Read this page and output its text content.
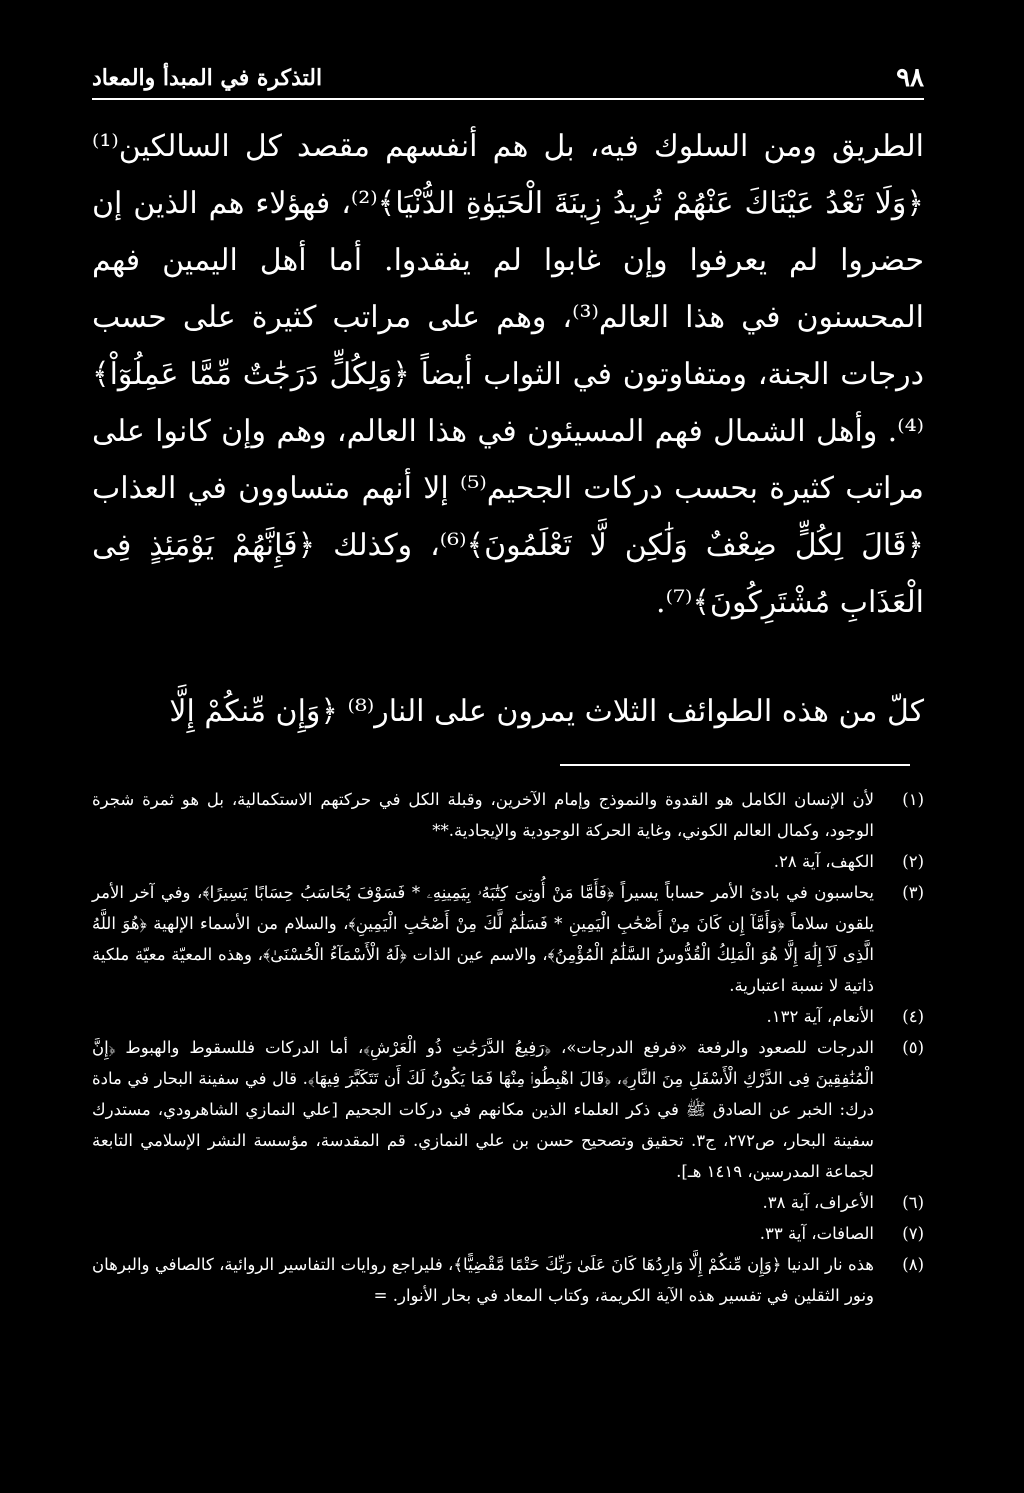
٩٨
التذكرة في المبدأ والمعاد

الطريق ومن السلوك فيه، بل هم أنفسهم مقصد كل السالكين⁽¹⁾ ﴿وَلَا تَعْدُ عَيْنَاكَ عَنْهُمْ تُرِيدُ زِينَةَ الْحَيَوٰةِ الدُّنْيَا﴾⁽²⁾، فهؤلاء هم الذين إن حضروا لم يعرفوا وإن غابوا لم يفقدوا. أما أهل اليمين فهم المحسنون في هذا العالم⁽³⁾، وهم على مراتب كثيرة على حسب درجات الجنة، ومتفاوتون في الثواب أيضاً ﴿وَلِكُلٍّ دَرَجَٰتٌ مِّمَّا عَمِلُوٓاْ﴾⁽⁴⁾. وأهل الشمال فهم المسيئون في هذا العالم، وهم وإن كانوا على مراتب كثيرة بحسب دركات الجحيم⁽⁵⁾ إلا أنهم متساوون في العذاب ﴿قَالَ لِكُلٍّ ضِعْفٌ وَلَٰكِن لَّا تَعْلَمُونَ﴾⁽⁶⁾، وكذلك ﴿فَإِنَّهُمْ يَوْمَئِذٍ فِى الْعَذَابِ مُشْتَرِكُونَ﴾⁽⁷⁾.

كلّ من هذه الطوائف الثلاث يمرون على النار⁽⁸⁾ ﴿وَإِن مِّنكُمْ إِلَّا

(١)

لأن الإنسان الكامل هو القدوة والنموذج وإمام الآخرين، وقبلة الكل في حركتهم الاستكمالية، بل هو ثمرة شجرة الوجود، وكمال العالم الكوني، وغاية الحركة الوجودية والإيجادية.**

(٢)

الكهف، آية ٢٨.

(٣)

يحاسبون في بادئ الأمر حساباً يسيراً ﴿فَأَمَّا مَنْ أُوتِىَ كِتَٰبَهُۥ بِيَمِينِهِۦ * فَسَوْفَ يُحَاسَبُ حِسَابًا يَسِيرًا﴾، وفي آخر الأمر يلقون سلاماً ﴿وَأَمَّآ إِن كَانَ مِنْ أَصْحَٰبِ الْيَمِينِ * فَسَلَٰمٌ لَّكَ مِنْ أَصْحَٰبِ الْيَمِينِ﴾، والسلام من الأسماء الإلهية ﴿هُوَ اللَّهُ الَّذِى لَآ إِلَٰهَ إِلَّا هُوَ الْمَلِكُ الْقُدُّوسُ السَّلَٰمُ الْمُؤْمِنُ﴾، والاسم عين الذات ﴿لَهُ الْأَسْمَآءُ الْحُسْنَىٰ﴾، وهذه المعيّة معيّة ملكية ذاتية لا نسبة اعتبارية.

(٤)

الأنعام، آية ١٣٢.

(٥)

الدرجات للصعود والرفعة «فرفع الدرجات»، ﴿رَفِيعُ الدَّرَجَٰتِ ذُو الْعَرْشِ﴾، أما الدركات فللسقوط والهبوط ﴿إِنَّ الْمُنَٰفِقِينَ فِى الدَّرْكِ الْأَسْفَلِ مِنَ النَّارِ﴾، ﴿قَالَ اهْبِطُوا۟ مِنْهَا فَمَا يَكُونُ لَكَ أَن تَتَكَبَّرَ فِيهَا﴾. قال في سفينة البحار في مادة درك: الخبر عن الصادق ﷺ في ذكر العلماء الذين مكانهم في دركات الجحيم [علي النمازي الشاهرودي، مستدرك سفينة البحار، ص٢٧٢، ج٣. تحقيق وتصحيح حسن بن علي النمازي. قم المقدسة، مؤسسة النشر الإسلامي التابعة لجماعة المدرسين، ١٤١٩ هـ].

(٦)

الأعراف، آية ٣٨.

(٧)

الصافات، آية ٣٣.

(٨)

هذه نار الدنيا ﴿وَإِن مِّنكُمْ إِلَّا وَارِدُهَا كَانَ عَلَىٰ رَبِّكَ حَتْمًا مَّقْضِيًّا﴾، فليراجع روايات التفاسير الروائية، كالصافي والبرهان ونور الثقلين في تفسير هذه الآية الكريمة، وكتاب المعاد في بحار الأنوار. =
